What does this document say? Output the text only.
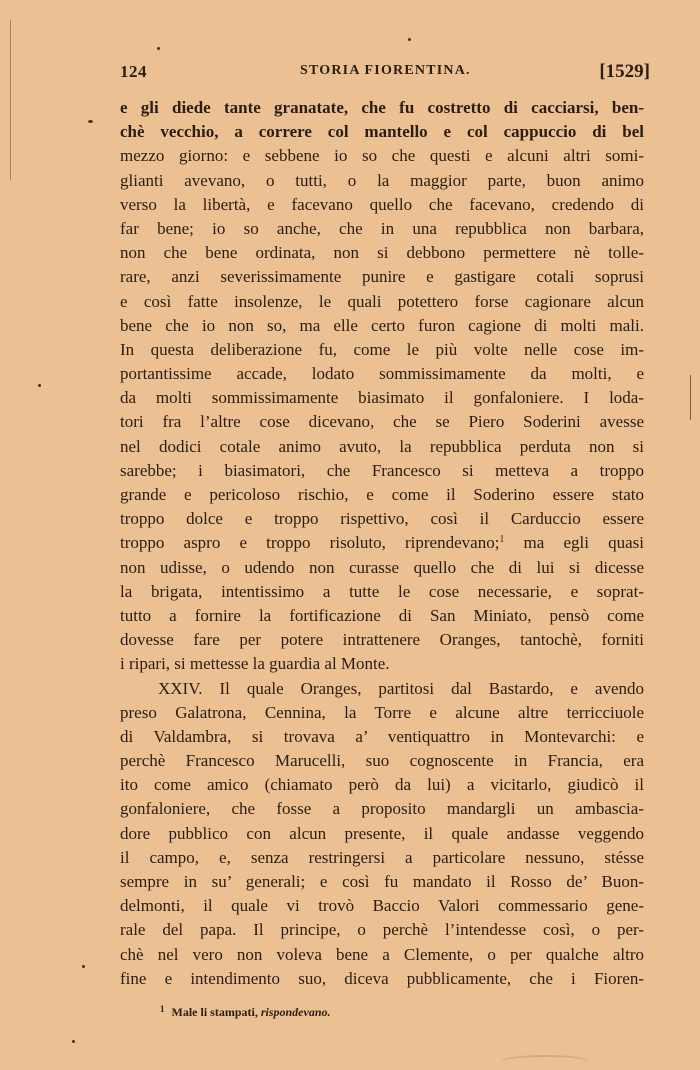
124	STORIA FIORENTINA.	[1529]
e gli diede tante granatate, che fu costretto di cacciarsi, ben-
chè vecchio, a correre col mantello e col cappuccio di bel
mezzo giorno: e sebbene io so che questi e alcuni altri somi-
glianti avevano, o tutti, o la maggior parte, buon animo
verso la libertà, e facevano quello che facevano, credendo di
far bene; io so anche, che in una repubblica non barbara,
non che bene ordinata, non si debbono permettere nè tolle-
rare, anzi severissimamente punire e gastigare cotali soprusi
e così fatte insolenze, le quali potettero forse cagionare alcun
bene che io non so, ma elle certo furon cagione di molti mali.
In questa deliberazione fu, come le più volte nelle cose im-
portantissime accade, lodato sommissimamente da molti, e
da molti sommissimamente biasimato il gonfaloniere. I loda-
tori fra l’altre cose dicevano, che se Piero Soderini avesse
nel dodici cotale animo avuto, la repubblica perduta non si
sarebbe; i biasimatori, che Francesco si metteva a troppo
grande e pericoloso rischio, e come il Soderino essere stato
troppo dolce e troppo rispettivo, così il Carduccio essere
troppo aspro e troppo risoluto, riprendevano;$^1$ ma egli quasi
non udisse, o udendo non curasse quello che di lui si dicesse
la brigata, intentissimo a tutte le cose necessarie, e soprat-
tutto a fornire la fortificazione di San Miniato, pensò come
dovesse fare per potere intrattenere Oranges, tantochè, forniti
i ripari, si mettesse la guardia al Monte.
XXIV. Il quale Oranges, partitosi dal Bastardo, e avendo
preso Galatrona, Cennina, la Torre e alcune altre terricciuole
di Valdambra, si trovava a’ ventiquattro in Montevarchi: e
perchè Francesco Marucelli, suo cognoscente in Francia, era
ito come amico (chiamato però da lui) a vicitarlo, giudicò il
gonfaloniere, che fosse a proposito mandargli un ambascia-
dore pubblico con alcun presente, il quale andasse veggendo
il campo, e, senza restringersi a particolare nessuno, stésse
sempre in su’ generali; e così fu mandato il Rosso de’ Buon-
delmonti, il quale vi trovò Baccio Valori commessario gene-
rale del papa. Il principe, o perchè l’intendesse così, o per-
chè nel vero non voleva bene a Clemente, o per qualche altro
fine e intendimento suo, diceva pubblicamente, che i Fioren-
$^1$ Male li stampati, rispondevano.
